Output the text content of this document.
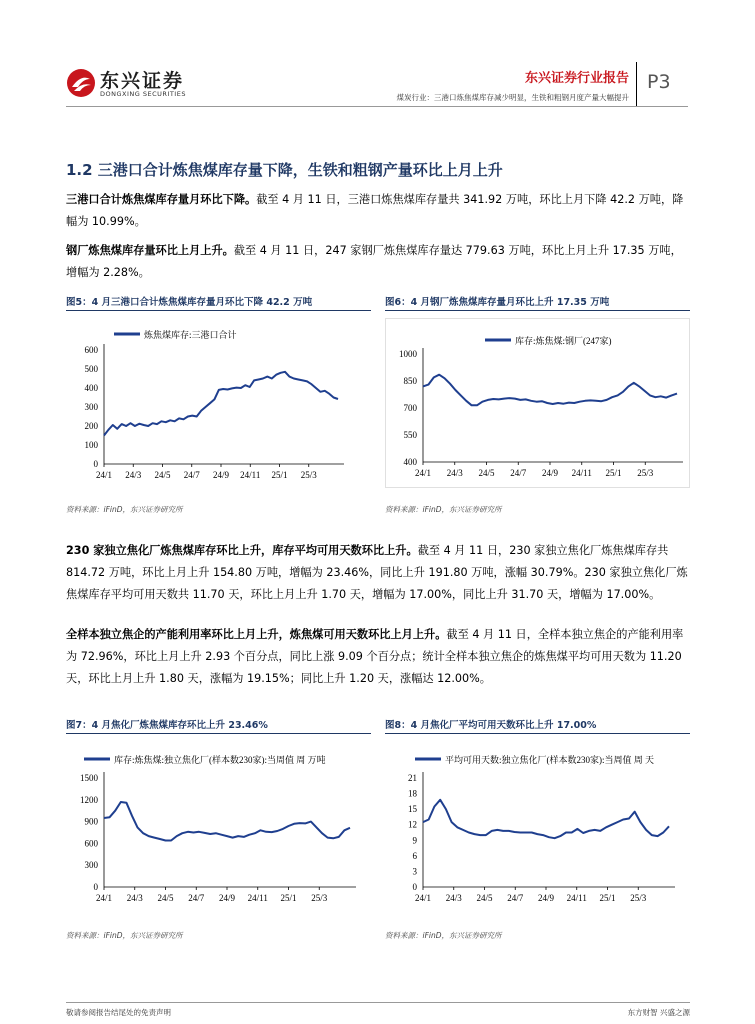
东兴证券
DONGXING SECURITIES
东兴证券行业报告
煤炭行业：三港口炼焦煤库存减少明显，生铁和粗钢月度产量大幅提升
P3
1.2 三港口合计炼焦煤库存量下降，生铁和粗钢产量环比上月上升
三港口合计炼焦煤库存量月环比下降。截至 4 月 11 日，三港口炼焦煤库存量共 341.92 万吨，环比上月下降 42.2 万吨，降幅为 10.99%。
钢厂炼焦煤库存量环比上月上升。截至 4 月 11 日，247 家钢厂炼焦煤库存量达 779.63 万吨，环比上月上升 17.35 万吨，增幅为 2.28%。
图5：4 月三港口合计炼焦煤库存量月环比下降 42.2 万吨
炼焦煤库存:三港口合计
0
100
200
300
400
500
600
24/1 24/3 24/5 24/7 24/9 24/11 25/1 25/3
资料来源：iFinD，东兴证券研究所
图6：4 月钢厂炼焦煤库存量月环比上升 17.35 万吨
库存:炼焦煤:钢厂(247家)
400
550
700
850
1000
24/1 24/3 24/5 24/7 24/9 24/11 25/1 25/3
资料来源：iFinD，东兴证券研究所
230 家独立焦化厂炼焦煤库存环比上升，库存平均可用天数环比上升。截至 4 月 11 日，230 家独立焦化厂炼焦煤库存共 814.72 万吨，环比上月上升 154.80 万吨，增幅为 23.46%，同比上升 191.80 万吨，涨幅 30.79%。230 家独立焦化厂炼焦煤库存平均可用天数共 11.70 天，环比上月上升 1.70 天，增幅为 17.00%，同比上升 31.70 天，增幅为 17.00%。
全样本独立焦企的产能利用率环比上月上升，炼焦煤可用天数环比上月上升。截至 4 月 11 日，全样本独立焦企的产能利用率为 72.96%，环比上月上升 2.93 个百分点，同比上涨 9.09 个百分点；统计全样本独立焦企的炼焦煤平均可用天数为 11.20 天，环比上月上升 1.80 天，涨幅为 19.15%；同比上升 1.20 天，涨幅达 12.00%。
图7：4 月焦化厂炼焦煤库存环比上升 23.46%
库存:炼焦煤:独立焦化厂(样本数230家):当周值 周 万吨
0
300
600
900
1200
1500
24/1 24/3 24/5 24/7 24/9 24/11 25/1 25/3
资料来源：iFinD，东兴证券研究所
图8：4 月焦化厂平均可用天数环比上升 17.00%
平均可用天数:独立焦化厂(样本数230家):当周值 周 天
0
3
6
9
12
15
18
21
24/1 24/3 24/5 24/7 24/9 24/11 25/1 25/3
资料来源：iFinD，东兴证券研究所
敬请参阅报告结尾处的免责声明	东方财智 兴盛之源
